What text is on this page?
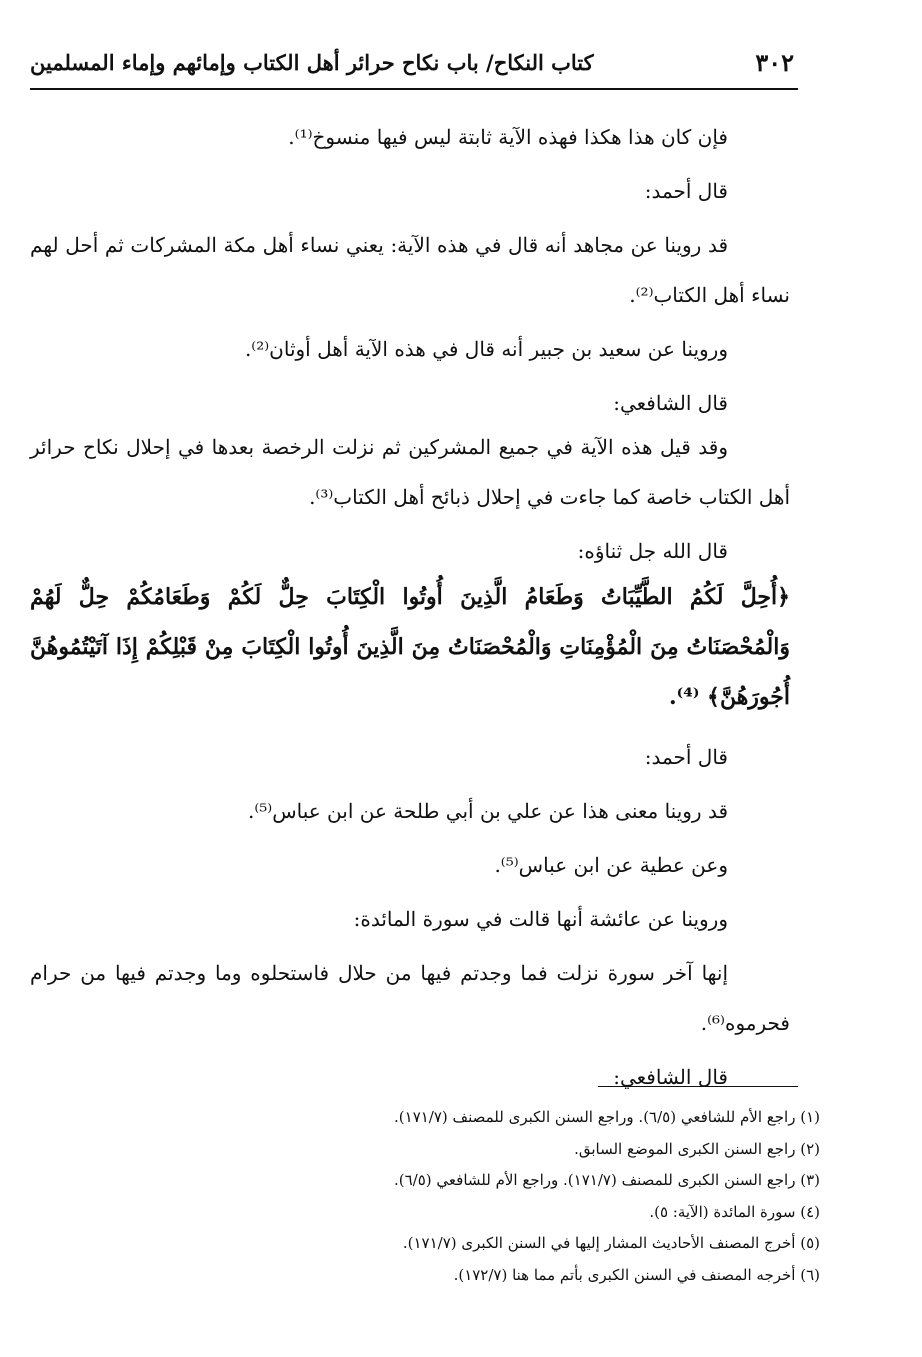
٣٠٢
كتاب النكاح/ باب نكاح حرائر أهل الكتاب وإمائهم وإماء المسلمين

فإن كان هذا هكذا فهذه الآية ثابتة ليس فيها منسوخ⁽¹⁾.

قال أحمد:

قد روينا عن مجاهد أنه قال في هذه الآية: يعني نساء أهل مكة المشركات ثم أحل لهم نساء أهل الكتاب⁽²⁾.

وروينا عن سعيد بن جبير أنه قال في هذه الآية أهل أوثان⁽²⁾.

قال الشافعي:

وقد قيل هذه الآية في جميع المشركين ثم نزلت الرخصة بعدها في إحلال نكاح حرائر أهل الكتاب خاصة كما جاءت في إحلال ذبائح أهل الكتاب⁽³⁾.

قال الله جل ثناؤه:

﴿أُحِلَّ لَكُمُ الطَّيِّبَاتُ وَطَعَامُ الَّذِينَ أُوتُوا الْكِتَابَ حِلٌّ لَكُمْ وَطَعَامُكُمْ حِلٌّ لَهُمْ وَالْمُحْصَنَاتُ مِنَ الْمُؤْمِنَاتِ وَالْمُحْصَنَاتُ مِنَ الَّذِينَ أُوتُوا الْكِتَابَ مِنْ قَبْلِكُمْ إِذَا آتَيْتُمُوهُنَّ أُجُورَهُنَّ﴾ ⁽⁴⁾.

قال أحمد:

قد روينا معنى هذا عن علي بن أبي طلحة عن ابن عباس⁽⁵⁾.

وعن عطية عن ابن عباس⁽⁵⁾.

وروينا عن عائشة أنها قالت في سورة المائدة:

إنها آخر سورة نزلت فما وجدتم فيها من حلال فاستحلوه وما وجدتم فيها من حرام فحرموه⁽⁶⁾.

قال الشافعي:

(١) راجع الأم للشافعي (٦/٥). وراجع السنن الكبرى للمصنف (١٧١/٧).

(٢) راجع السنن الكبرى الموضع السابق.

(٣) راجع السنن الكبرى للمصنف (١٧١/٧). وراجع الأم للشافعي (٦/٥).

(٤) سورة المائدة (الآية: ٥).

(٥) أخرج المصنف الأحاديث المشار إليها في السنن الكبرى (١٧١/٧).

(٦) أخرجه المصنف في السنن الكبرى بأتم مما هنا (١٧٢/٧).
